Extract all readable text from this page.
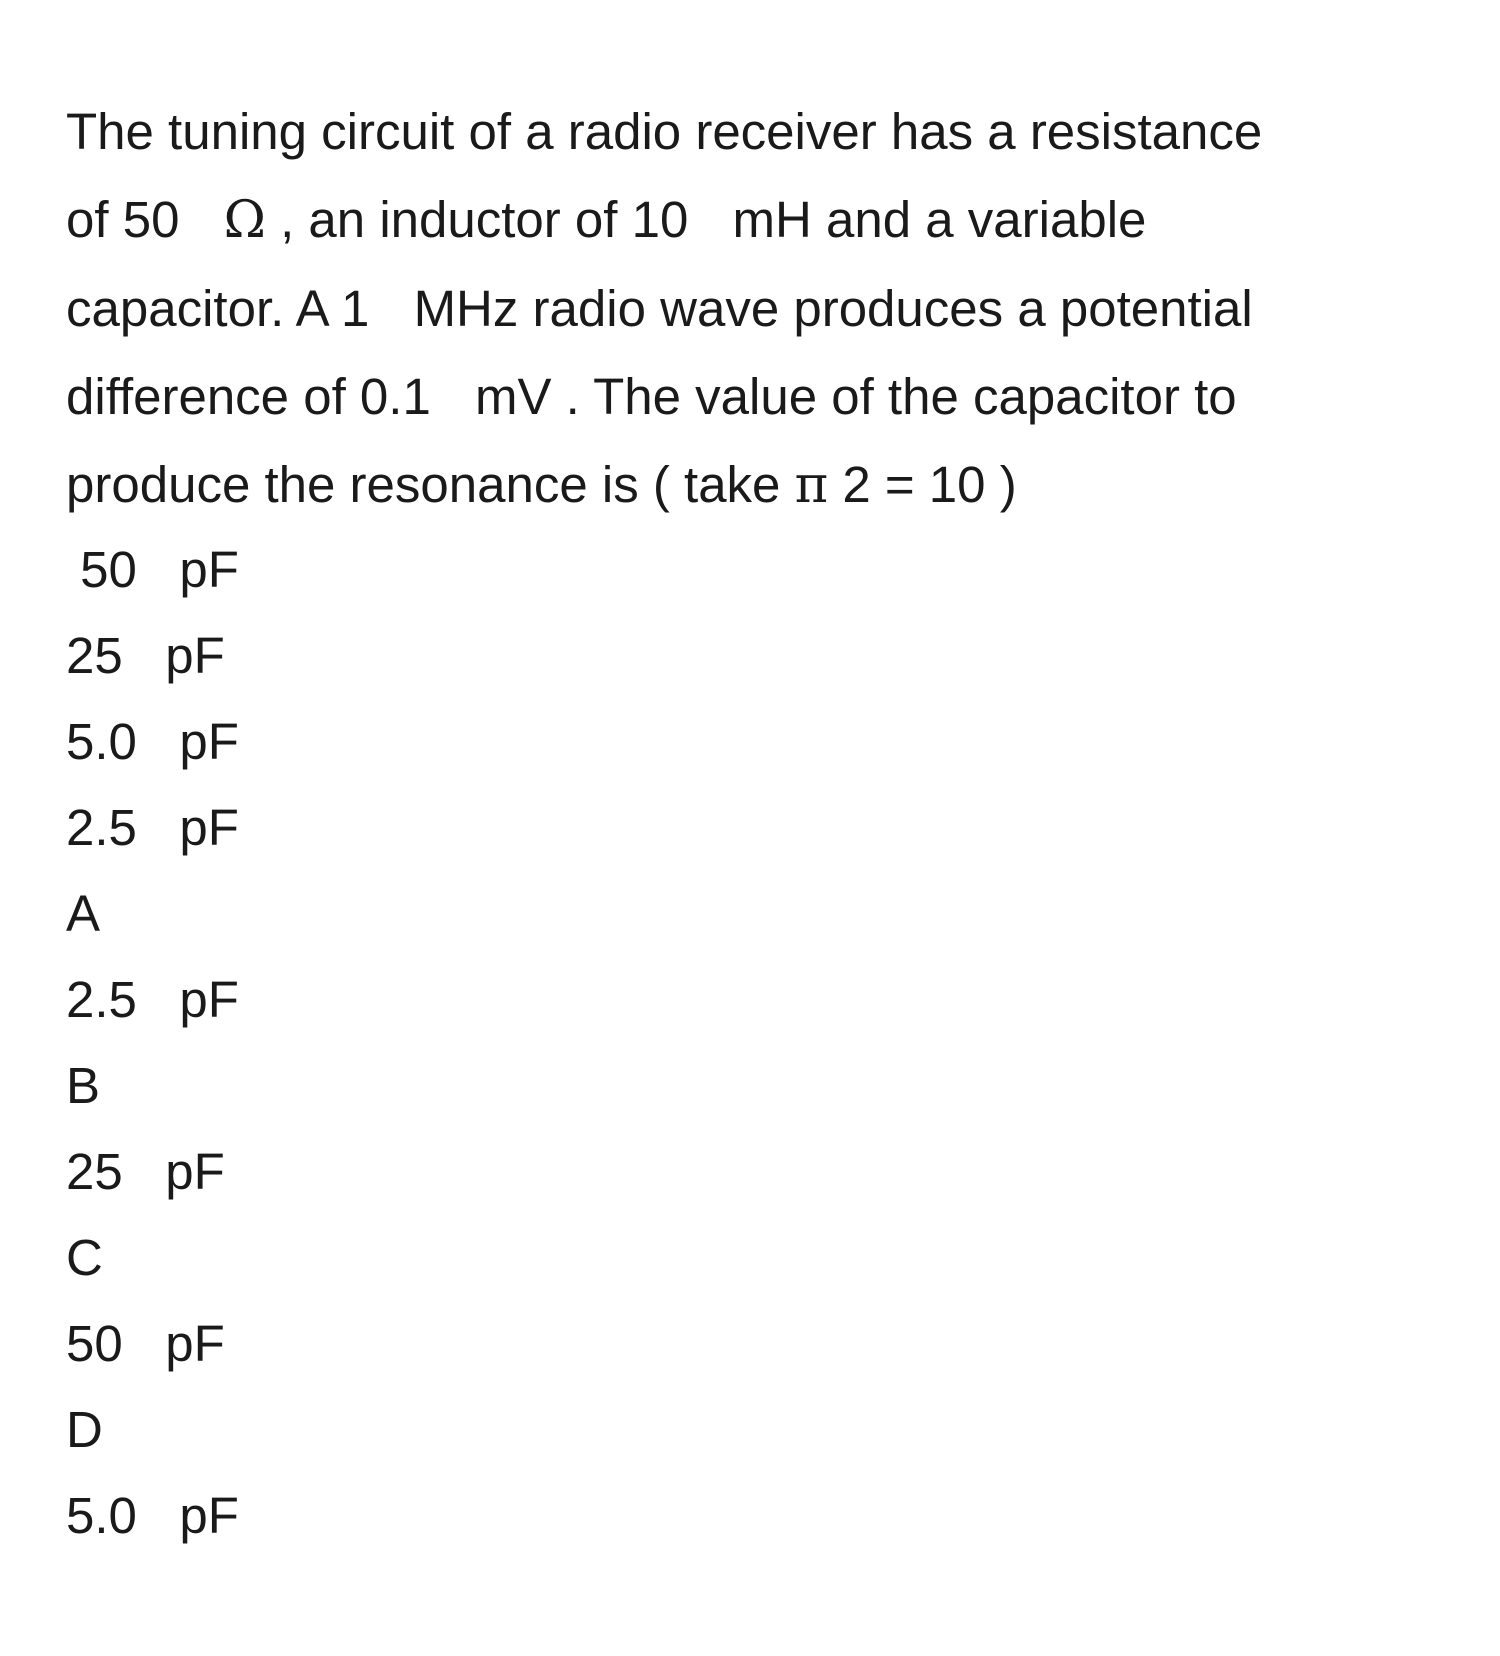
The tuning circuit of a radio receiver has a resistance
of 50 Ω , an inductor of 10 mH and a variable
capacitor. A 1 MHz radio wave produces a potential
difference of 0.1 mV . The value of the capacitor to
produce the resonance is ( take π 2 = 10 )
50   pF
25   pF
5.0   pF
2.5   pF
A
2.5   pF
B
25   pF
C
50   pF
D
5.0   pF
